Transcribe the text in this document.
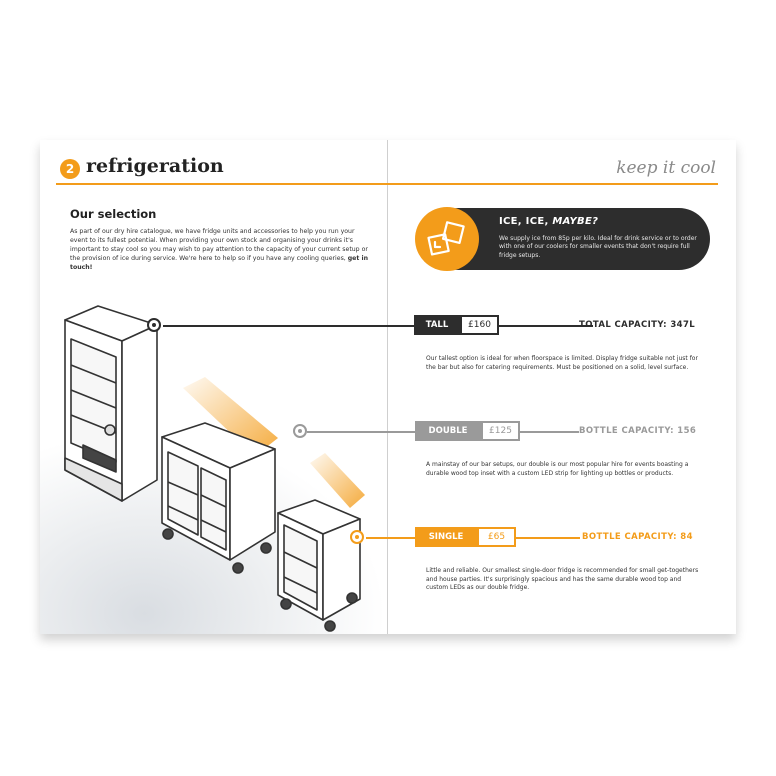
2 refrigeration	keep it cool
Our selection
As part of our dry hire catalogue, we have fridge units and accessories to help you run your event to its fullest potential. When providing your own stock and organising your drinks it's important to stay cool so you may wish to pay attention to the capacity of your current setup or the provision of ice during service. We're here to help so if you have any cooling queries, get in touch!
ICE, ICE, MAYBE?
We supply ice from 85p per kilo. Ideal for drink service or to order with one of our coolers for smaller events that don't require full fridge setups.
TALL	£160	TOTAL CAPACITY: 347L
Our tallest option is ideal for when floorspace is limited. Display fridge suitable not just for the bar but also for catering requirements. Must be positioned on a solid, level surface.
DOUBLE	£125	BOTTLE CAPACITY: 156
A mainstay of our bar setups, our double is our most popular hire for events boasting a durable wood top inset with a custom LED strip for lighting up bottles or products.
SINGLE	£65	BOTTLE CAPACITY: 84
Little and reliable. Our smallest single-door fridge is recommended for small get-togethers and house parties. It's surprisingly spacious and has the same durable wood top and custom LEDs as our double fridge.
